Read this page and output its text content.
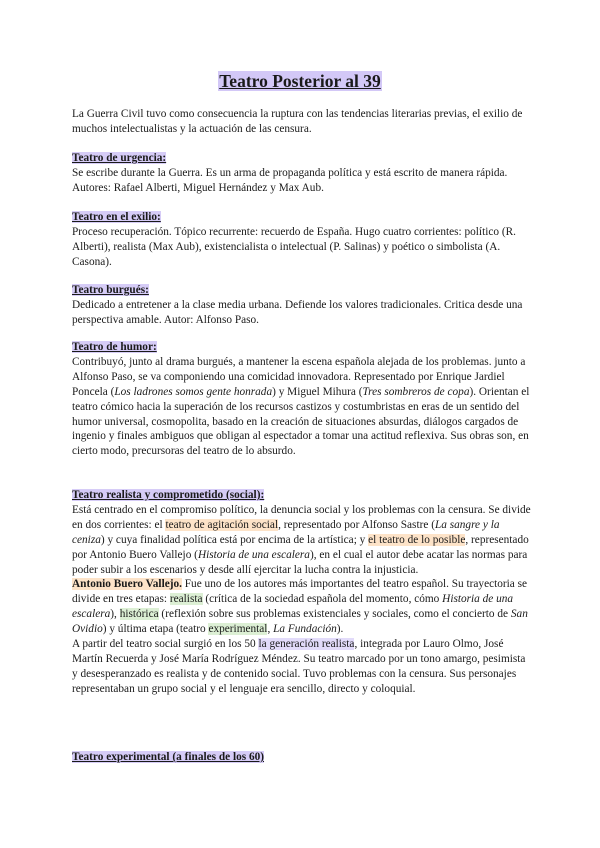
Teatro Posterior al 39

La Guerra Civil tuvo como consecuencia la ruptura con las tendencias literarias previas, el exilio de muchos intelectualistas y la actuación de las censura.

Teatro de urgencia:

Se escribe durante la Guerra. Es un arma de propaganda política y está escrito de manera rápida. Autores: Rafael Alberti, Miguel Hernández y Max Aub.

Teatro en el exilio:

Proceso recuperación. Tópico recurrente: recuerdo de España. Hugo cuatro corrientes: político (R. Alberti), realista (Max Aub), existencialista o intelectual (P. Salinas) y poético o simbolista (A. Casona).

Teatro burgués:

Dedicado a entretener a la clase media urbana. Defiende los valores tradicionales. Critica desde una perspectiva amable. Autor: Alfonso Paso.

Teatro de humor:

Contribuyó, junto al drama burgués, a mantener la escena española alejada de los problemas. junto a Alfonso Paso, se va componiendo una comicidad innovadora. Representado por Enrique Jardiel Poncela (Los ladrones somos gente honrada) y Miguel Mihura (Tres sombreros de copa). Orientan el teatro cómico hacia la superación de los recursos castizos y costumbristas en eras de un sentido del humor universal, cosmopolita, basado en la creación de situaciones absurdas, diálogos cargados de ingenio y finales ambiguos que obligan al espectador a tomar una actitud reflexiva. Sus obras son, en cierto modo, precursoras del teatro de lo absurdo.

Teatro realista y comprometido (social):

Está centrado en el compromiso político, la denuncia social y los problemas con la censura. Se divide en dos corrientes: el teatro de agitación social, representado por Alfonso Sastre (La sangre y la ceniza) y cuya finalidad política está por encima de la artística; y el teatro de lo posible, representado por Antonio Buero Vallejo (Historia de una escalera), en el cual el autor debe acatar las normas para poder subir a los escenarios y desde allí ejercitar la lucha contra la injusticia.

Antonio Buero Vallejo. Fue uno de los autores más importantes del teatro español. Su trayectoria se divide en tres etapas: realista (crítica de la sociedad española del momento, cómo Historia de una escalera), histórica (reflexión sobre sus problemas existenciales y sociales, como el concierto de San Ovidio) y última etapa (teatro experimental, La Fundación).

A partir del teatro social surgió en los 50 la generación realista, integrada por Lauro Olmo, José Martín Recuerda y José María Rodríguez Méndez. Su teatro marcado por un tono amargo, pesimista y desesperanzado es realista y de contenido social. Tuvo problemas con la censura. Sus personajes representaban un grupo social y el lenguaje era sencillo, directo y coloquial.

Teatro experimental (a finales de los 60)
